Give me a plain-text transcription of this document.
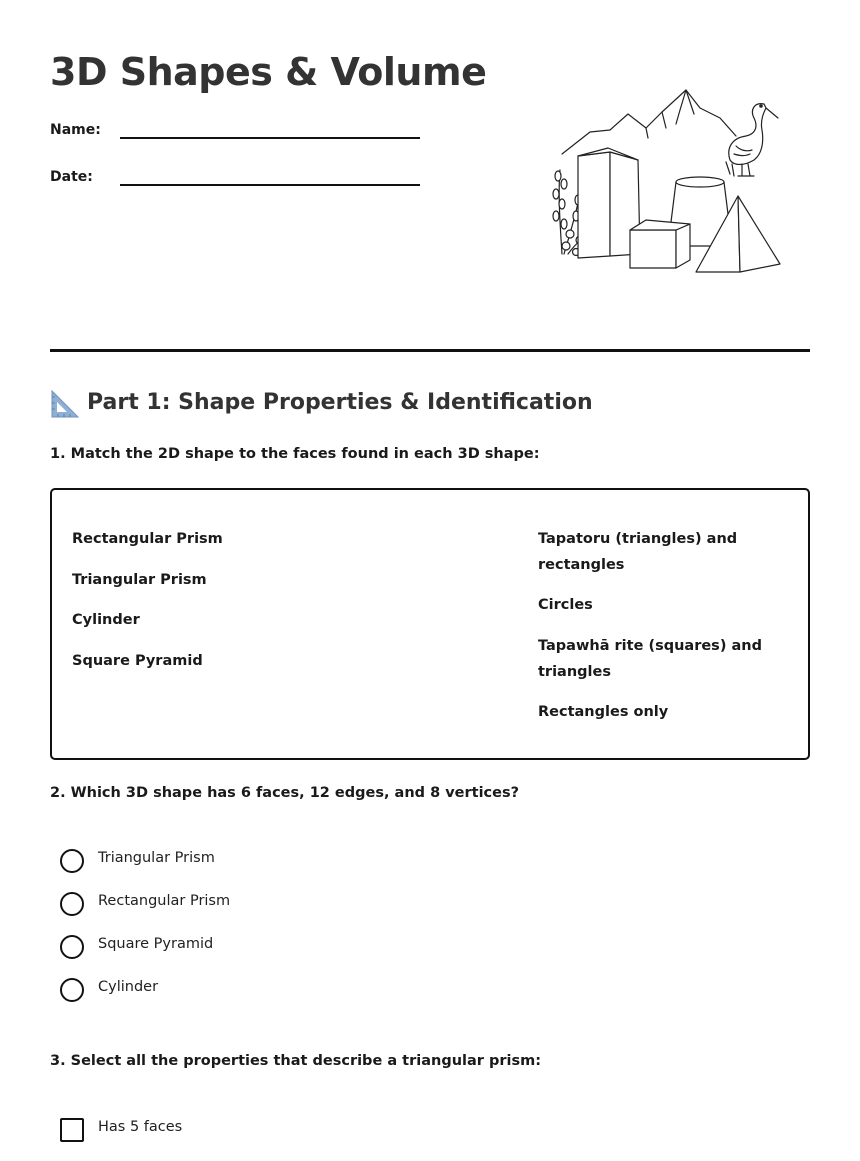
3D Shapes & Volume
Name:
Date:
Part 1: Shape Properties & Identification
1. Match the 2D shape to the faces found in each 3D shape:
Rectangular Prism
Triangular Prism
Cylinder
Square Pyramid
Tapatoru (triangles) and rectangles
Circles
Tapawhā rite (squares) and triangles
Rectangles only
2. Which 3D shape has 6 faces, 12 edges, and 8 vertices?
Triangular Prism
Rectangular Prism
Square Pyramid
Cylinder
3. Select all the properties that describe a triangular prism:
Has 5 faces
